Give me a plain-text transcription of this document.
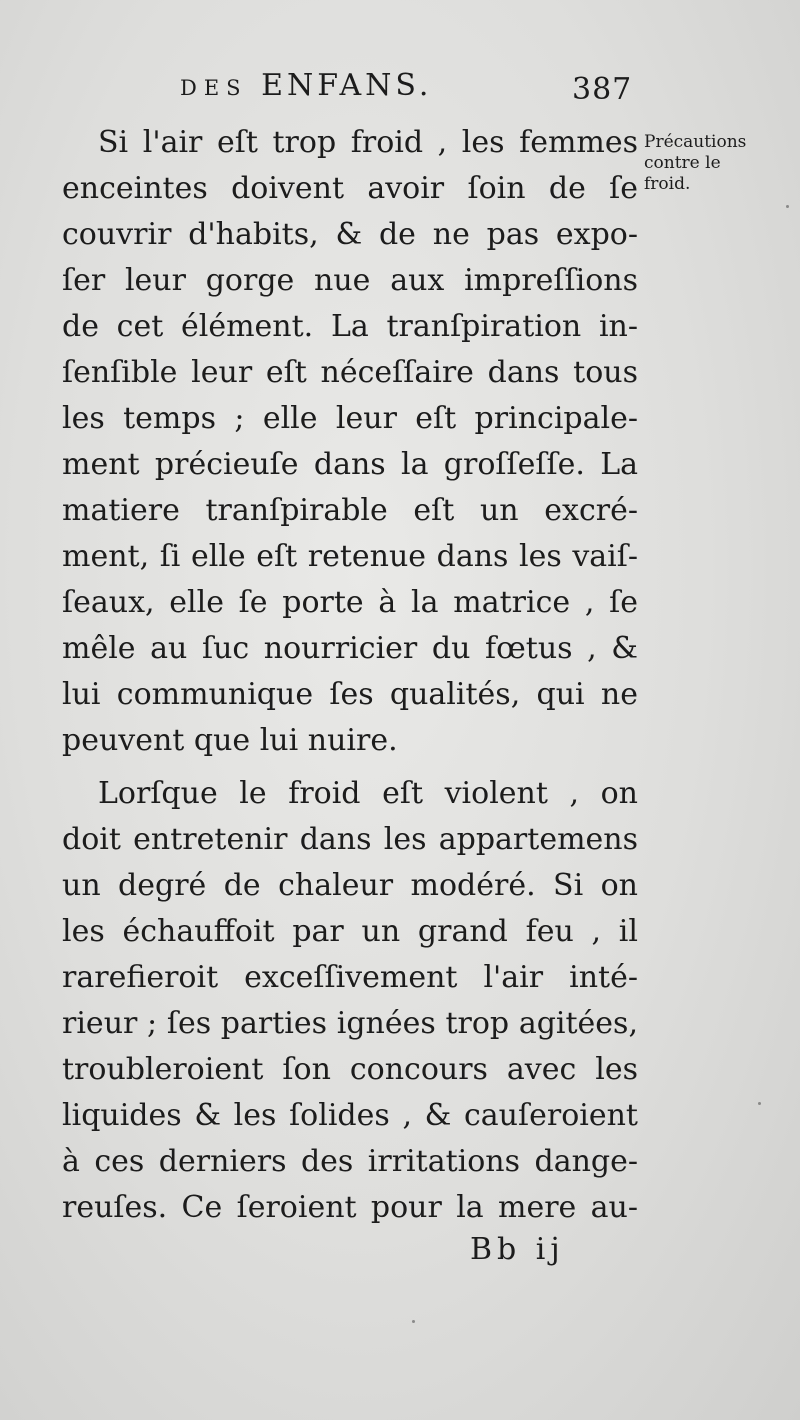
DES ENFANS.	387
Précautions
contre le
froid.
Si l'air eſt trop froid , les femmes
enceintes doivent avoir ſoin de ſe
couvrir d'habits, & de ne pas expo-
ſer leur gorge nue aux impreſſions
de cet élément. La tranſpiration in-
ſenſible leur eſt néceſſaire dans tous
les temps ; elle leur eſt principale-
ment précieuſe dans la groſſeſſe. La
matiere tranſpirable eſt un excré-
ment, ſi elle eſt retenue dans les vaiſ-
ſeaux, elle ſe porte à la matrice , ſe
mêle au ſuc nourricier du fœtus , &
lui communique ſes qualités, qui ne
peuvent que lui nuire.
Lorſque le froid eſt violent , on
doit entretenir dans les appartemens
un degré de chaleur modéré. Si on
les échauffoit par un grand feu , il
rarefieroit exceſſivement l'air inté-
rieur ; ſes parties ignées trop agitées,
troubleroient ſon concours avec les
liquides & les ſolides , & cauſeroient
à ces derniers des irritations dange-
reuſes. Ce ſeroient pour la mere au-
Bb ij
